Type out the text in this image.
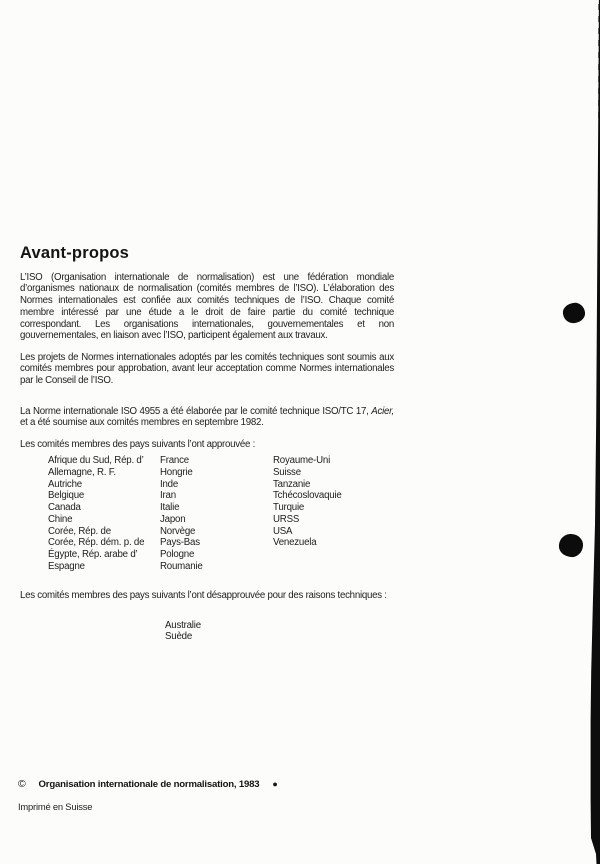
Avant-propos

L’ISO (Organisation internationale de normalisation) est une fédération mondiale d’organismes nationaux de normalisation (comités membres de l’ISO). L’élaboration des Normes internationales est confiée aux comités techniques de l’ISO. Chaque comité membre intéressé par une étude a le droit de faire partie du comité technique correspondant. Les organisations internationales, gouvernementales et non gouvernementales, en liaison avec l’ISO, participent également aux travaux.

Les projets de Normes internationales adoptés par les comités techniques sont soumis aux comités membres pour approbation, avant leur acceptation comme Normes internationales par le Conseil de l’ISO.

La Norme internationale ISO 4955 a été élaborée par le comité technique ISO/TC 17, Acier, et a été soumise aux comités membres en septembre 1982.

Les comités membres des pays suivants l’ont approuvée :

Afrique du Sud, Rép. d’
Allemagne, R. F.
Autriche
Belgique
Canada
Chine
Corée, Rép. de
Corée, Rép. dém. p. de
Égypte, Rép. arabe d’
Espagne
France
Hongrie
Inde
Iran
Italie
Japon
Norvège
Pays-Bas
Pologne
Roumanie
Royaume-Uni
Suisse
Tanzanie
Tchécoslovaquie
Turquie
URSS
USA
Venezuela

Les comités membres des pays suivants l’ont désapprouvée pour des raisons techniques :

Australie
Suède
© Organisation internationale de normalisation, 1983 ●
Imprimé en Suisse
